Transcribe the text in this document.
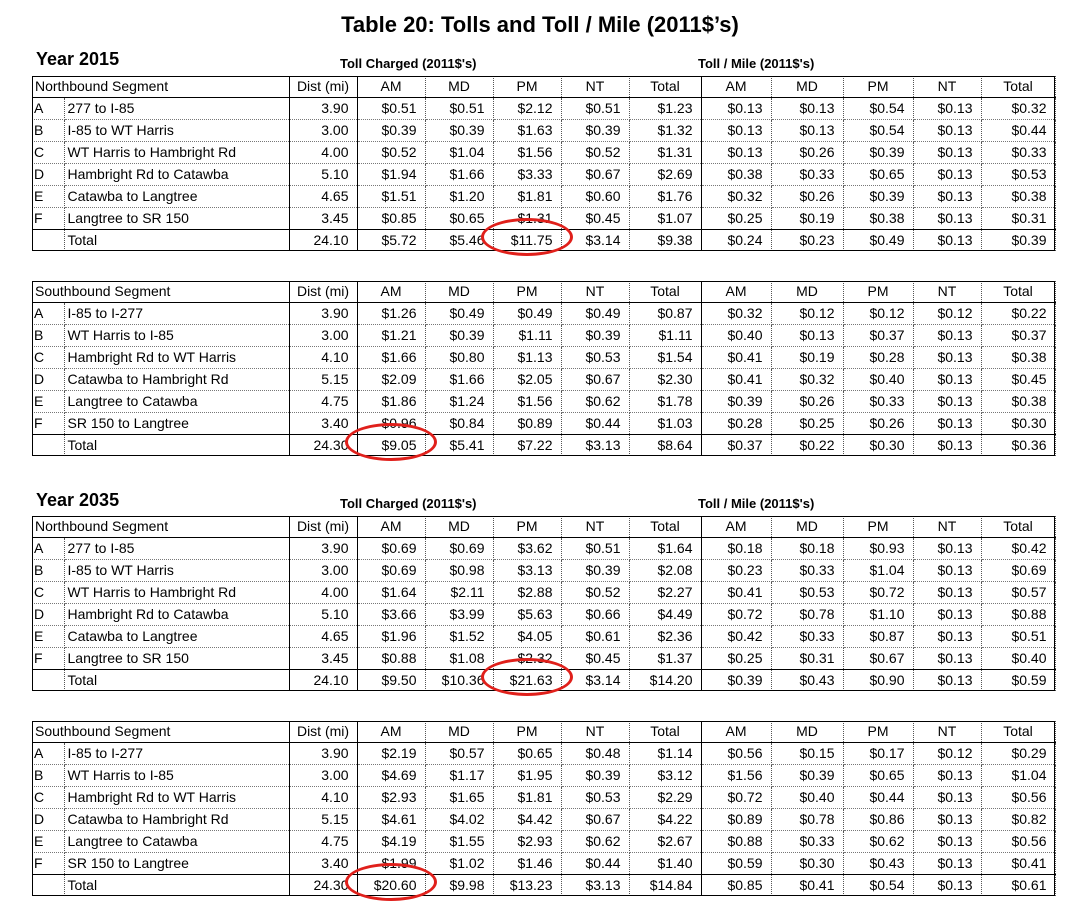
Table 20: Tolls and Toll / Mile (2011$’s)
Year 2015	Toll Charged (2011$'s)	Toll / Mile (2011$'s)
Year 2035	Toll Charged (2011$'s)	Toll / Mile (2011$'s)
Northbound Segment		Dist (mi)	AM	MD	PM	NT	Total	AM	MD	PM	NT	Total
A	277 to I-85	3.90	$0.51	$0.51	$2.12	$0.51	$1.23	$0.13	$0.13	$0.54	$0.13	$0.32
B	I-85 to WT Harris	3.00	$0.39	$0.39	$1.63	$0.39	$1.32	$0.13	$0.13	$0.54	$0.13	$0.44
C	WT Harris to Hambright Rd	4.00	$0.52	$1.04	$1.56	$0.52	$1.31	$0.13	$0.26	$0.39	$0.13	$0.33
D	Hambright Rd to Catawba	5.10	$1.94	$1.66	$3.33	$0.67	$2.69	$0.38	$0.33	$0.65	$0.13	$0.53
E	Catawba to Langtree	4.65	$1.51	$1.20	$1.81	$0.60	$1.76	$0.32	$0.26	$0.39	$0.13	$0.38
F	Langtree to SR 150	3.45	$0.85	$0.65	$1.31	$0.45	$1.07	$0.25	$0.19	$0.38	$0.13	$0.31
	Total	24.10	$5.72	$5.46	$11.75	$3.14	$9.38	$0.24	$0.23	$0.49	$0.13	$0.39
Southbound Segment		Dist (mi)	AM	MD	PM	NT	Total	AM	MD	PM	NT	Total
A	I-85 to I-277	3.90	$1.26	$0.49	$0.49	$0.49	$0.87	$0.32	$0.12	$0.12	$0.12	$0.22
B	WT Harris to I-85	3.00	$1.21	$0.39	$1.11	$0.39	$1.11	$0.40	$0.13	$0.37	$0.13	$0.37
C	Hambright Rd to WT Harris	4.10	$1.66	$0.80	$1.13	$0.53	$1.54	$0.41	$0.19	$0.28	$0.13	$0.38
D	Catawba to Hambright Rd	5.15	$2.09	$1.66	$2.05	$0.67	$2.30	$0.41	$0.32	$0.40	$0.13	$0.45
E	Langtree to Catawba	4.75	$1.86	$1.24	$1.56	$0.62	$1.78	$0.39	$0.26	$0.33	$0.13	$0.38
F	SR 150 to Langtree	3.40	$0.96	$0.84	$0.89	$0.44	$1.03	$0.28	$0.25	$0.26	$0.13	$0.30
	Total	24.30	$9.05	$5.41	$7.22	$3.13	$8.64	$0.37	$0.22	$0.30	$0.13	$0.36
Northbound Segment		Dist (mi)	AM	MD	PM	NT	Total	AM	MD	PM	NT	Total
A	277 to I-85	3.90	$0.69	$0.69	$3.62	$0.51	$1.64	$0.18	$0.18	$0.93	$0.13	$0.42
B	I-85 to WT Harris	3.00	$0.69	$0.98	$3.13	$0.39	$2.08	$0.23	$0.33	$1.04	$0.13	$0.69
C	WT Harris to Hambright Rd	4.00	$1.64	$2.11	$2.88	$0.52	$2.27	$0.41	$0.53	$0.72	$0.13	$0.57
D	Hambright Rd to Catawba	5.10	$3.66	$3.99	$5.63	$0.66	$4.49	$0.72	$0.78	$1.10	$0.13	$0.88
E	Catawba to Langtree	4.65	$1.96	$1.52	$4.05	$0.61	$2.36	$0.42	$0.33	$0.87	$0.13	$0.51
F	Langtree to SR 150	3.45	$0.88	$1.08	$2.32	$0.45	$1.37	$0.25	$0.31	$0.67	$0.13	$0.40
	Total	24.10	$9.50	$10.36	$21.63	$3.14	$14.20	$0.39	$0.43	$0.90	$0.13	$0.59
Southbound Segment		Dist (mi)	AM	MD	PM	NT	Total	AM	MD	PM	NT	Total
A	I-85 to I-277	3.90	$2.19	$0.57	$0.65	$0.48	$1.14	$0.56	$0.15	$0.17	$0.12	$0.29
B	WT Harris to I-85	3.00	$4.69	$1.17	$1.95	$0.39	$3.12	$1.56	$0.39	$0.65	$0.13	$1.04
C	Hambright Rd to WT Harris	4.10	$2.93	$1.65	$1.81	$0.53	$2.29	$0.72	$0.40	$0.44	$0.13	$0.56
D	Catawba to Hambright Rd	5.15	$4.61	$4.02	$4.42	$0.67	$4.22	$0.89	$0.78	$0.86	$0.13	$0.82
E	Langtree to Catawba	4.75	$4.19	$1.55	$2.93	$0.62	$2.67	$0.88	$0.33	$0.62	$0.13	$0.56
F	SR 150 to Langtree	3.40	$1.99	$1.02	$1.46	$0.44	$1.40	$0.59	$0.30	$0.43	$0.13	$0.41
	Total	24.30	$20.60	$9.98	$13.23	$3.13	$14.84	$0.85	$0.41	$0.54	$0.13	$0.61
